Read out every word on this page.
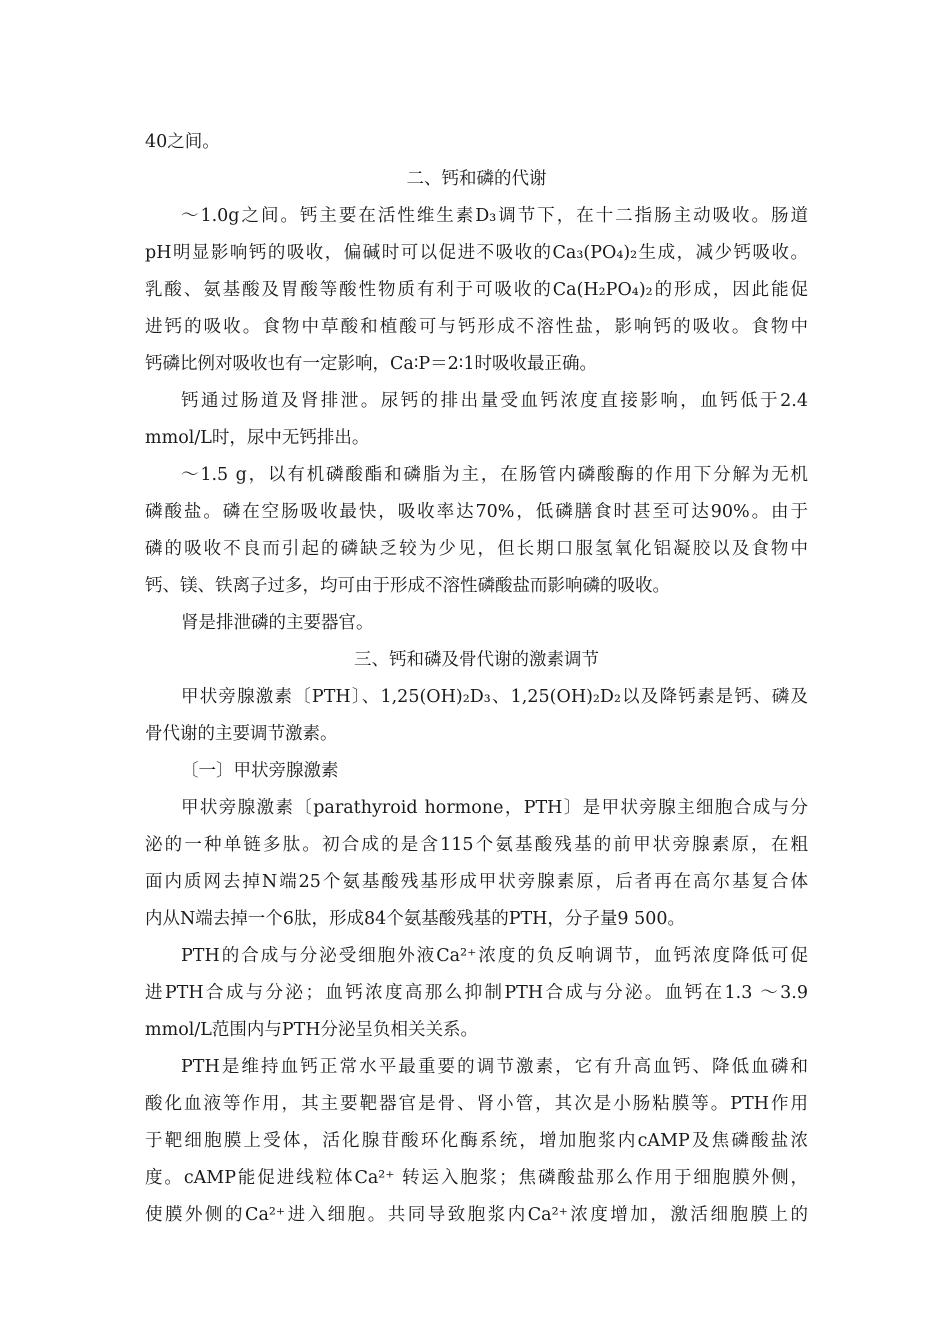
40之间。
二、钙和磷的代谢
～1.0g之间。钙主要在活性维生素D₃调节下，在十二指肠主动吸收。肠道
pH明显影响钙的吸收，偏碱时可以促进不吸收的Ca₃(PO₄)₂生成，减少钙吸收。
乳酸、氨基酸及胃酸等酸性物质有利于可吸收的Ca(H₂PO₄)₂的形成，因此能促
进钙的吸收。食物中草酸和植酸可与钙形成不溶性盐，影响钙的吸收。食物中
钙磷比例对吸收也有一定影响，Ca∶P＝2∶1时吸收最正确。
钙通过肠道及肾排泄。尿钙的排出量受血钙浓度直接影响，血钙低于2.4
mmol/L时，尿中无钙排出。
～1.5 g，以有机磷酸酯和磷脂为主，在肠管内磷酸酶的作用下分解为无机
磷酸盐。磷在空肠吸收最快，吸收率达70%，低磷膳食时甚至可达90%。由于
磷的吸收不良而引起的磷缺乏较为少见，但长期口服氢氧化铝凝胶以及食物中
钙、镁、铁离子过多，均可由于形成不溶性磷酸盐而影响磷的吸收。
肾是排泄磷的主要器官。
三、钙和磷及骨代谢的激素调节
甲状旁腺激素〔PTH〕、1,25(OH)₂D₃、1,25(OH)₂D₂以及降钙素是钙、磷及
骨代谢的主要调节激素。
〔一〕甲状旁腺激素
甲状旁腺激素〔parathyroid hormone，PTH〕是甲状旁腺主细胞合成与分
泌的一种单链多肽。初合成的是含115个氨基酸残基的前甲状旁腺素原，在粗
面内质网去掉N端25个氨基酸残基形成甲状旁腺素原，后者再在高尔基复合体
内从N端去掉一个6肽，形成84个氨基酸残基的PTH，分子量9 500。
PTH的合成与分泌受细胞外液Ca²⁺浓度的负反响调节，血钙浓度降低可促
进PTH合成与分泌；血钙浓度高那么抑制PTH合成与分泌。血钙在1.3 ～3.9
mmol/L范围内与PTH分泌呈负相关关系。
PTH是维持血钙正常水平最重要的调节激素，它有升高血钙、降低血磷和
酸化血液等作用，其主要靶器官是骨、肾小管，其次是小肠粘膜等。PTH作用
于靶细胞膜上受体，活化腺苷酸环化酶系统，增加胞浆内cAMP及焦磷酸盐浓
度。cAMP能促进线粒体Ca²⁺ 转运入胞浆；焦磷酸盐那么作用于细胞膜外侧，
使膜外侧的Ca²⁺进入细胞。共同导致胞浆内Ca²⁺浓度增加，激活细胞膜上的
